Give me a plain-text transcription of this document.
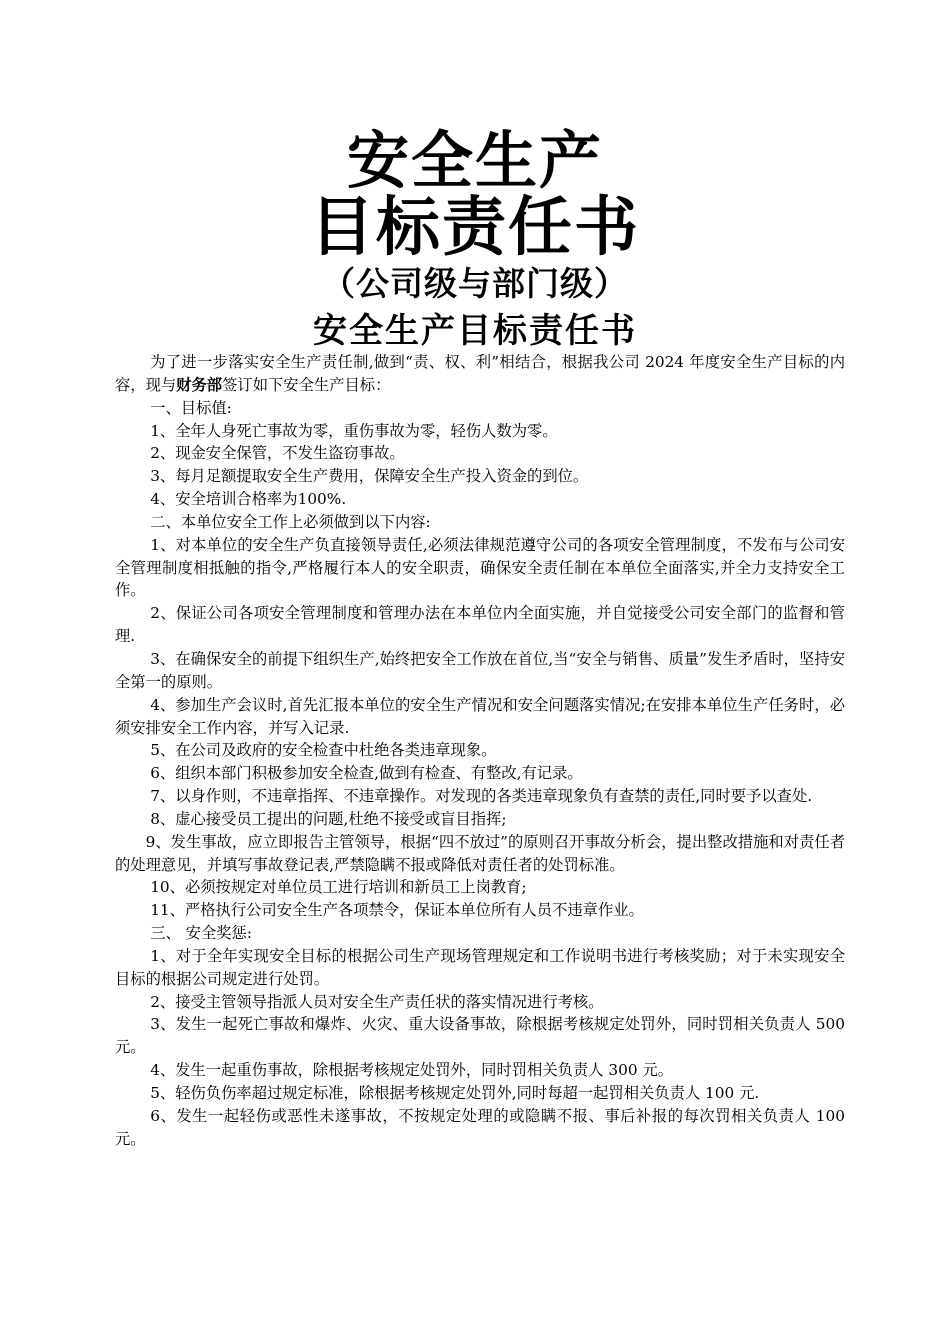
安全生产
目标责任书
（公司级与部门级）
安全生产目标责任书

为了进一步落实安全生产责任制,做到“责、权、利”相结合，根据我公司 2024 年度安全生产目标的内容，现与财务部签订如下安全生产目标：

一、目标值:

1、全年人身死亡事故为零，重伤事故为零，轻伤人数为零。

2、现金安全保管，不发生盗窃事故。

3、每月足额提取安全生产费用，保障安全生产投入资金的到位。

4、安全培训合格率为100%.

二、本单位安全工作上必须做到以下内容:

1、对本单位的安全生产负直接领导责任,必须法律规范遵守公司的各项安全管理制度，不发布与公司安全管理制度相抵触的指令,严格履行本人的安全职责，确保安全责任制在本单位全面落实,并全力支持安全工作。

2、保证公司各项安全管理制度和管理办法在本单位内全面实施，并自觉接受公司安全部门的监督和管理.

3、在确保安全的前提下组织生产,始终把安全工作放在首位,当“安全与销售、质量”发生矛盾时，坚持安全第一的原则。

4、参加生产会议时,首先汇报本单位的安全生产情况和安全问题落实情况;在安排本单位生产任务时，必须安排安全工作内容，并写入记录.

5、在公司及政府的安全检查中杜绝各类违章现象。

6、组织本部门积极参加安全检查,做到有检查、有整改,有记录。

7、以身作则，不违章指挥、不违章操作。对发现的各类违章现象负有查禁的责任,同时要予以查处.

8、虚心接受员工提出的问题,杜绝不接受或盲目指挥;

9、发生事故，应立即报告主管领导，根据“四不放过”的原则召开事故分析会，提出整改措施和对责任者的处理意见，并填写事故登记表,严禁隐瞒不报或降低对责任者的处罚标准。

10、必须按规定对单位员工进行培训和新员工上岗教育;

11、严格执行公司安全生产各项禁令，保证本单位所有人员不违章作业。

三、 安全奖惩:

1、对于全年实现安全目标的根据公司生产现场管理规定和工作说明书进行考核奖励；对于未实现安全目标的根据公司规定进行处罚。

2、接受主管领导指派人员对安全生产责任状的落实情况进行考核。

3、发生一起死亡事故和爆炸、火灾、重大设备事故，除根据考核规定处罚外，同时罚相关负责人 500 元。

4、发生一起重伤事故，除根据考核规定处罚外，同时罚相关负责人 300 元。

5、轻伤负伤率超过规定标准，除根据考核规定处罚外,同时每超一起罚相关负责人 100 元.

6、发生一起轻伤或恶性未遂事故，不按规定处理的或隐瞒不报、事后补报的每次罚相关负责人 100 元。
